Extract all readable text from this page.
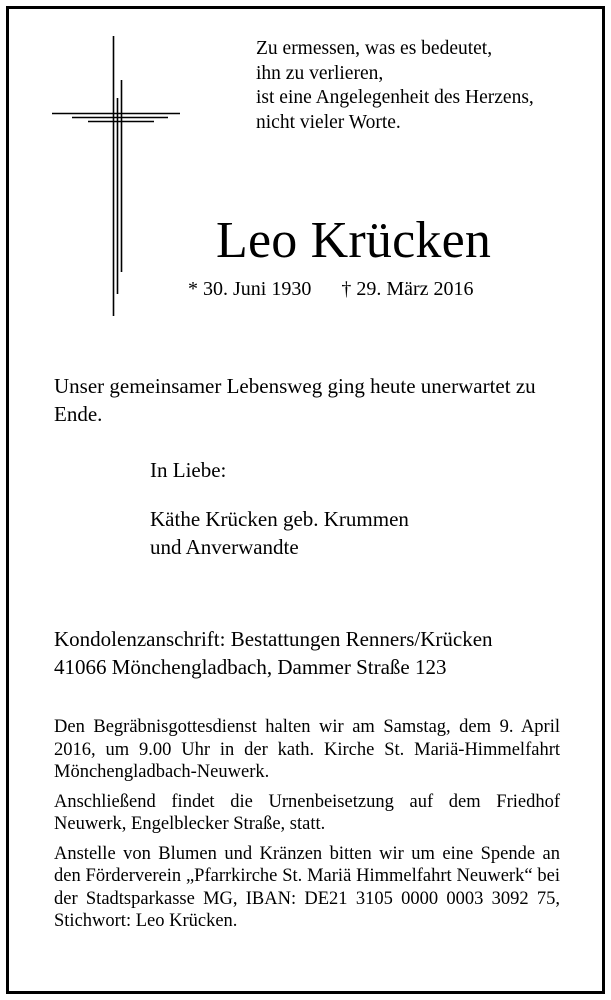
Zu ermessen, was es bedeutet,
ihn zu verlieren,
ist eine Angelegenheit des Herzens,
nicht vieler Worte.
Leo Krücken
* 30. Juni 1930 † 29. März 2016
Unser gemeinsamer Lebensweg ging heute unerwartet zu Ende.
In Liebe:
Käthe Krücken geb. Krummen
und Anverwandte
Kondolenzanschrift: Bestattungen Renners/Krücken
41066 Mönchengladbach, Dammer Straße 123

Den Begräbnisgottesdienst halten wir am Samstag, dem 9. April 2016, um 9.00 Uhr in der kath. Kirche St. Mariä-Himmelfahrt Mönchengladbach-Neuwerk.

Anschließend findet die Urnenbeisetzung auf dem Friedhof Neuwerk, Engelblecker Straße, statt.

Anstelle von Blumen und Kränzen bitten wir um eine Spende an den Förderverein „Pfarrkirche St. Mariä Himmelfahrt Neuwerk“ bei der Stadtsparkasse MG, IBAN: DE21 3105 0000 0003 3092 75, Stichwort: Leo Krücken.
